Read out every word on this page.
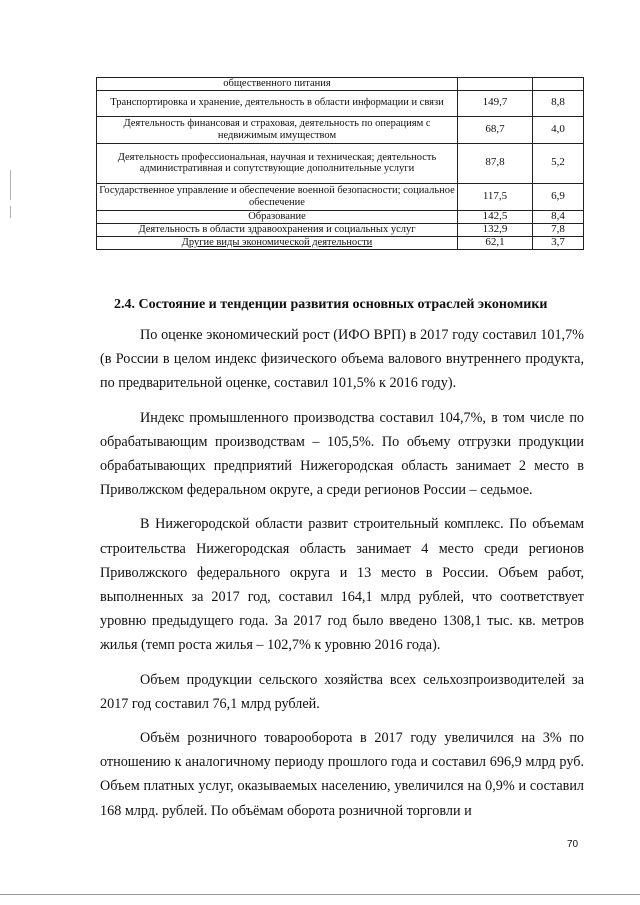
общественного питания		
Транспортировка и хранение, деятельность в области информации и связи	149,7	8,8
Деятельность финансовая и страховая, деятельность по операциям с недвижимым имуществом	68,7	4,0
Деятельность профессиональная, научная и техническая; деятельность административная и сопутствующие дополнительные услуги	87,8	5,2
Государственное управление и обеспечение военной безопасности; социальное обеспечение	117,5	6,9
Образование	142,5	8,4
Деятельность в области здравоохранения и социальных услуг	132,9	7,8
Другие виды экономической деятельности	62,1	3,7
2.4. Состояние и тенденции развития основных отраслей экономики

По оценке экономический рост (ИФО ВРП) в 2017 году составил 101,7% (в России в целом индекс физического объема валового внутреннего продукта, по предварительной оценке, составил 101,5% к 2016 году).

Индекс промышленного производства составил 104,7%, в том числе по обрабатывающим производствам – 105,5%. По объему отгрузки продукции обрабатывающих предприятий Нижегородская область занимает 2 место в Приволжском федеральном округе, а среди регионов России – седьмое.

В Нижегородской области развит строительный комплекс. По объемам строительства Нижегородская область занимает 4 место среди регионов Приволжского федерального округа и 13 место в России. Объем работ, выполненных за 2017 год, составил 164,1 млрд рублей, что соответствует уровню предыдущего года. За 2017 год было введено 1308,1 тыс. кв. метров жилья (темп роста жилья – 102,7% к уровню 2016 года).

Объем продукции сельского хозяйства всех сельхозпроизводителей за 2017 год составил 76,1 млрд рублей.

Объём розничного товарооборота в 2017 году увеличился на 3% по отношению к аналогичному периоду прошлого года и составил 696,9 млрд руб. Объем платных услуг, оказываемых населению, увеличился на 0,9% и составил 168 млрд. рублей. По объёмам оборота розничной торговли и

70
